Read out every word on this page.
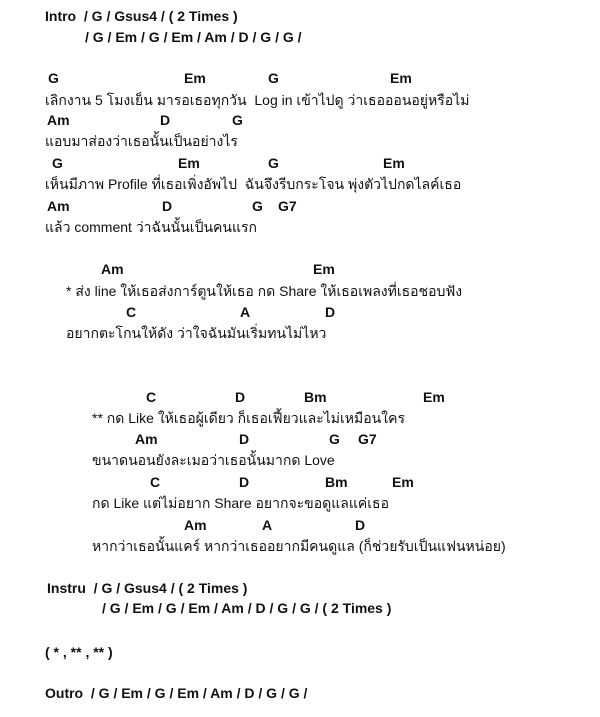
Intro  / G / Gsus4 / ( 2 Times )
/ G / Em / G / Em / Am / D / G / G /
G	Em	G	Em
เลิกงาน 5 โมงเย็น มารอเธอทุกวัน  Log in เข้าไปดู ว่าเธอออนอยู่หรือไม่
Am	D	G
แอบมาส่องว่าเธอนั้นเป็นอย่างไร
G	Em	G	Em
เห็นมีภาพ Profile ที่เธอเพิ่งอัพไป  ฉันจึงรีบกระโจน พุ่งตัวไปกดไลค์เธอ
Am	D	G G7
แล้ว comment ว่าฉันนั้นเป็นคนแรก
Am	Em
* ส่ง line ให้เธอส่งการ์ตูนให้เธอ กด Share ให้เธอเพลงที่เธอชอบฟัง
C	A	D
อยากตะโกนให้ดัง ว่าใจฉันมันเริ่มทนไม่ไหว
C	D	Bm	Em
** กด Like ให้เธอผู้เดียว ก็เธอเฟี้ยวและไม่เหมือนใคร
Am	D	G G7
ขนาดนอนยังละเมอว่าเธอนั้นมากด Love
C	D	Bm	Em
กด Like แต่ไม่อยาก Share อยากจะขอดูแลแค่เธอ
Am	A	D
หากว่าเธอนั้นแคร์ หากว่าเธออยากมีคนดูแล (ก็ช่วยรับเป็นแฟนหน่อย)
Instru  / G / Gsus4 / ( 2 Times )
/ G / Em / G / Em / Am / D / G / G / ( 2 Times )
( * , ** , ** )
Outro  / G / Em / G / Em / Am / D / G / G /
